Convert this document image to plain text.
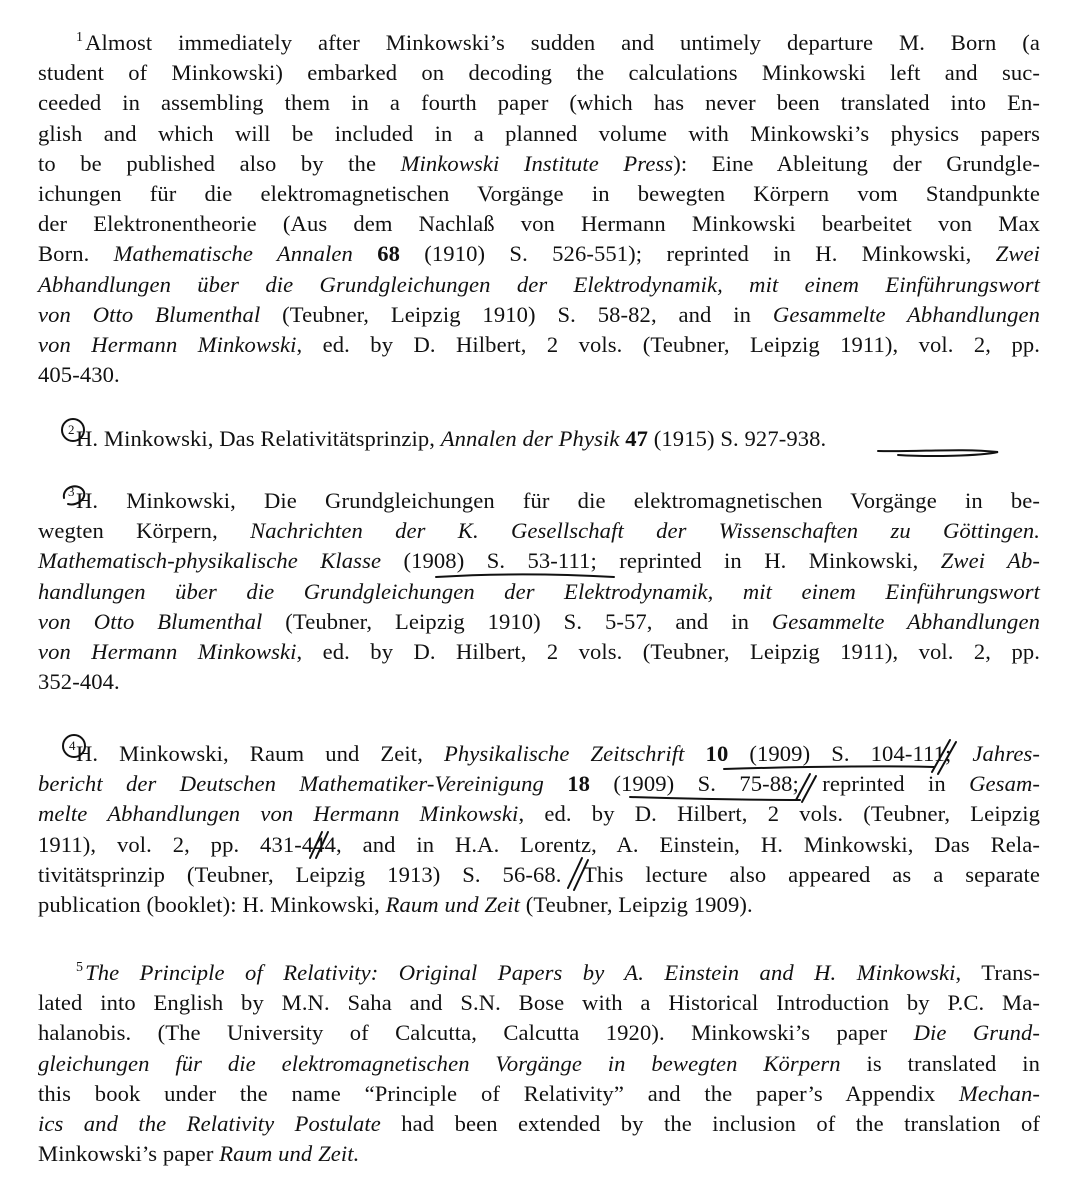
$^1$Almost immediately after Minkowski’s sudden and untimely departure M. Born (a
student of Minkowski) embarked on decoding the calculations Minkowski left and suc-
ceeded in assembling them in a fourth paper (which has never been translated into En-
glish and which will be included in a planned volume with Minkowski’s physics papers
to be published also by the Minkowski Institute Press): Eine Ableitung der Grundgle-
ichungen für die elektromagnetischen Vorgänge in bewegten Körpern vom Standpunkte
der Elektronentheorie (Aus dem Nachlaß von Hermann Minkowski bearbeitet von Max
Born. Mathematische Annalen 68 (1910) S. 526-551); reprinted in H. Minkowski, Zwei
Abhandlungen über die Grundgleichungen der Elektrodynamik, mit einem Einführungswort
von Otto Blumenthal (Teubner, Leipzig 1910) S. 58-82, and in Gesammelte Abhandlungen
von Hermann Minkowski, ed. by D. Hilbert, 2 vols. (Teubner, Leipzig 1911), vol. 2, pp.
405-430.
H. Minkowski, Das Relativitätsprinzip, Annalen der Physik 47 (1915) S. 927-938.
H. Minkowski, Die Grundgleichungen für die elektromagnetischen Vorgänge in be-
wegten Körpern, Nachrichten der K. Gesellschaft der Wissenschaften zu Göttingen.
Mathematisch-physikalische Klasse (1908) S. 53-111; reprinted in H. Minkowski, Zwei Ab-
handlungen über die Grundgleichungen der Elektrodynamik, mit einem Einführungswort
von Otto Blumenthal (Teubner, Leipzig 1910) S. 5-57, and in Gesammelte Abhandlungen
von Hermann Minkowski, ed. by D. Hilbert, 2 vols. (Teubner, Leipzig 1911), vol. 2, pp.
352-404.
H. Minkowski, Raum und Zeit, Physikalische Zeitschrift 10 (1909) S. 104-111; Jahres-
bericht der Deutschen Mathematiker-Vereinigung 18 (1909) S. 75-88; reprinted in Gesam-
melte Abhandlungen von Hermann Minkowski, ed. by D. Hilbert, 2 vols. (Teubner, Leipzig
1911), vol. 2, pp. 431-444, and in H.A. Lorentz, A. Einstein, H. Minkowski, Das Rela-
tivitätsprinzip (Teubner, Leipzig 1913) S. 56-68. This lecture also appeared as a separate
publication (booklet): H. Minkowski, Raum und Zeit (Teubner, Leipzig 1909).
$^5$The Principle of Relativity: Original Papers by A. Einstein and H. Minkowski, Trans-
lated into English by M.N. Saha and S.N. Bose with a Historical Introduction by P.C. Ma-
halanobis. (The University of Calcutta, Calcutta 1920). Minkowski’s paper Die Grund-
gleichungen für die elektromagnetischen Vorgänge in bewegten Körpern is translated in
this book under the name “Principle of Relativity” and the paper’s Appendix Mechan-
ics and the Relativity Postulate had been extended by the inclusion of the translation of
Minkowski’s paper Raum und Zeit.
2
3
4
